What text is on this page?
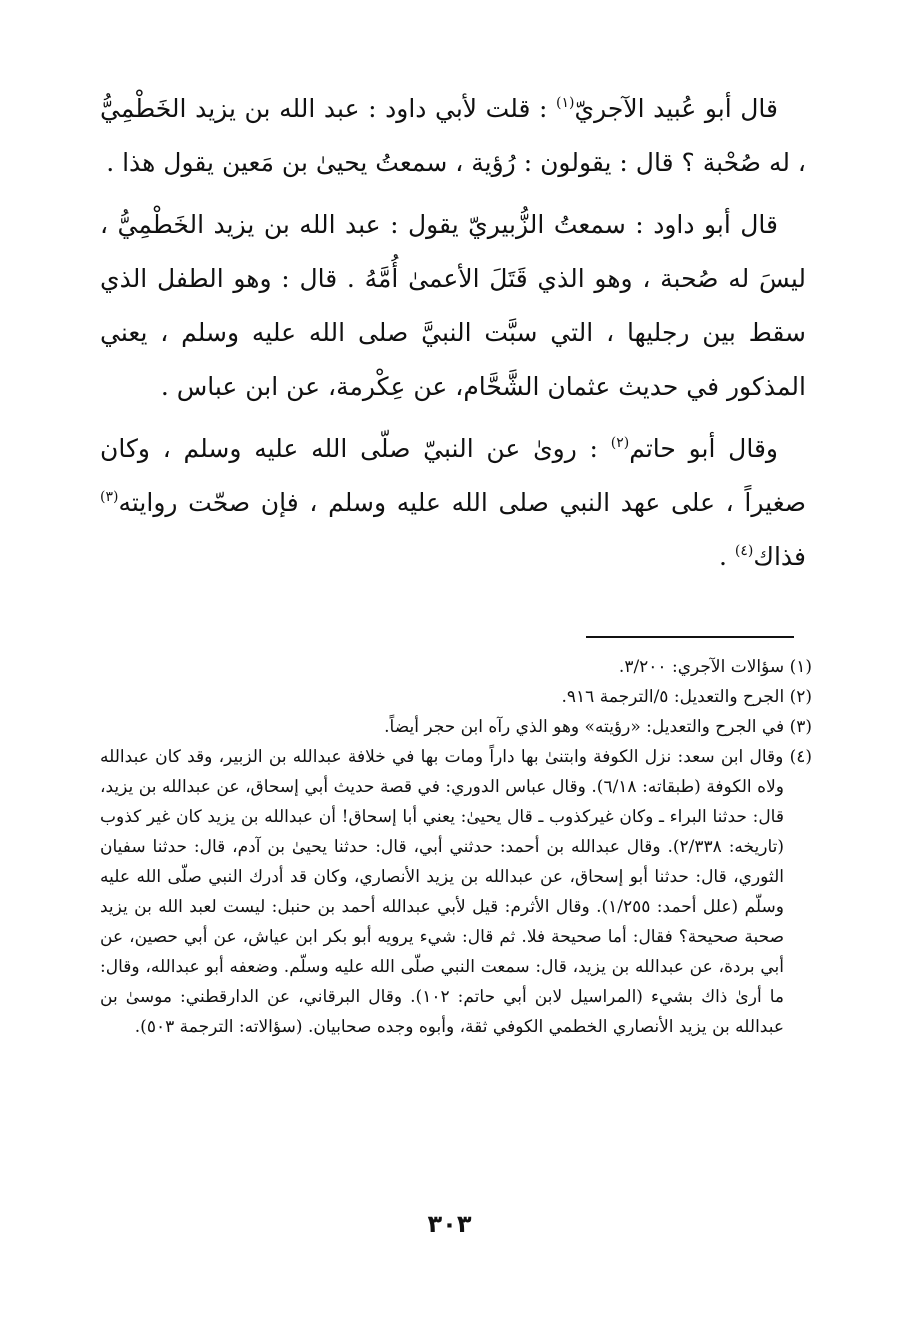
قال أبو عُبيد الآجريّ$^{(١)}$ : قلت لأبي داود : عبد الله بن يزيد الخَطْمِيُّ ، له صُحْبة ؟ قال : يقولون : رُؤية ، سمعتُ يحيىٰ بن مَعين يقول هذا .

قال أبو داود : سمعتُ الزُّبيريّ يقول : عبد الله بن يزيد الخَطْمِيُّ ، ليسَ له صُحبة ، وهو الذي قَتَلَ الأعمىٰ أُمَّهُ . قال : وهو الطفل الذي سقط بين رجليها ، التي سبَّت النبيَّ صلى الله عليه وسلم ، يعني المذكور في حديث عثمان الشَّحَّام، عن عِكْرمة، عن ابن عباس .

وقال أبو حاتم$^{(٢)}$ : روىٰ عن النبيّ صلّى الله عليه وسلم ، وكان صغيراً ، على عهد النبي صلى الله عليه وسلم ، فإن صحّت روايته$^{(٣)}$ فذاك$^{(٤)}$ .

(١) سؤالات الآجري: ٣/٢٠٠.

(٢) الجرح والتعديل: ٥/الترجمة ٩١٦.

(٣) في الجرح والتعديل: «رؤيته» وهو الذي رآه ابن حجر أيضاً.

(٤) وقال ابن سعد: نزل الكوفة وابتنىٰ بها داراً ومات بها في خلافة عبدالله بن الزبير، وقد كان عبدالله ولاه الكوفة (طبقاته: ٦/١٨). وقال عباس الدوري: في قصة حديث أبي إسحاق، عن عبدالله بن يزيد، قال: حدثنا البراء ـ وكان غيركذوب ـ قال يحيىٰ: يعني أبا إسحاق! أن عبدالله بن يزيد كان غير كذوب (تاريخه: ٢/٣٣٨). وقال عبدالله بن أحمد: حدثني أبي، قال: حدثنا يحيىٰ بن آدم، قال: حدثنا سفيان الثوري، قال: حدثنا أبو إسحاق، عن عبدالله بن يزيد الأنصاري، وكان قد أدرك النبي صلّى الله عليه وسلّم (علل أحمد: ١/٢٥٥). وقال الأثرم: قيل لأبي عبدالله أحمد بن حنبل: ليست لعبد الله بن يزيد صحبة صحيحة؟ فقال: أما صحيحة فلا. ثم قال: شيء يرويه أبو بكر ابن عياش، عن أبي حصين، عن أبي بردة، عن عبدالله بن يزيد، قال: سمعت النبي صلّى الله عليه وسلّم. وضعفه أبو عبدالله، وقال: ما أرىٰ ذاك بشيء (المراسيل لابن أبي حاتم: ١٠٢). وقال البرقاني، عن الدارقطني: موسىٰ بن عبدالله بن يزيد الأنصاري الخطمي الكوفي ثقة، وأبوه وجده صحابيان. (سؤالاته: الترجمة ٥٠٣).

٣٠٣
